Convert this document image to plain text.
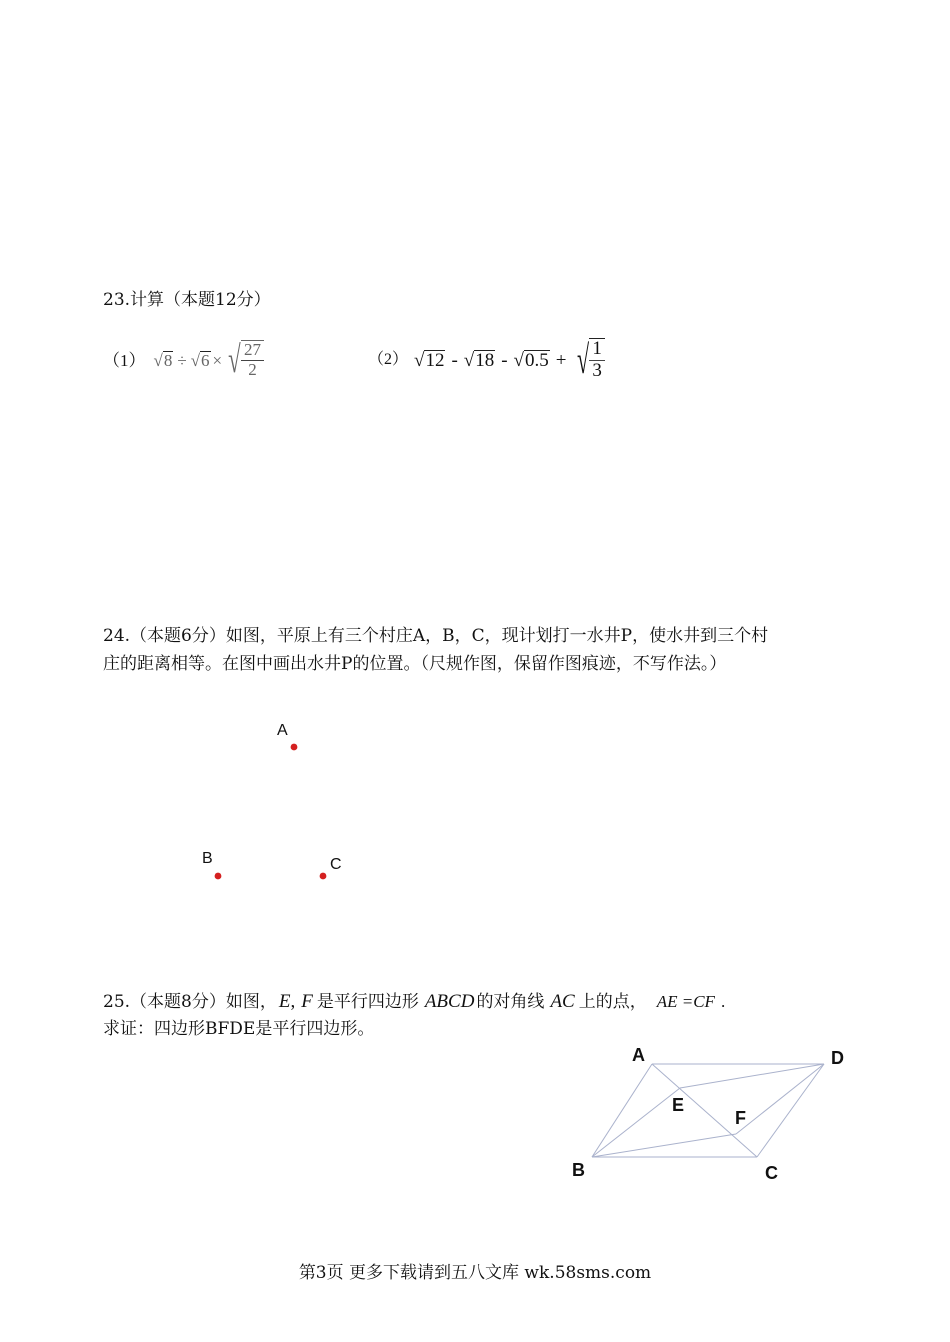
23.计算（本题12分）
（1） √ 8 ÷ √ 6 × √ $\frac{27}{2}$	（2） √ 12 - √ 18 - √ 0.5 + √ $\frac{1}{3}$
24.（本题6分）如图，平原上有三个村庄A，B，C，现计划打一水井P，使水井到三个村
庄的距离相等。在图中画出水井P的位置。（尺规作图，保留作图痕迹，不写作法。）
A
B	C
25.（本题8分）如图， E , F 是平行四边形 ABCD 的对角线 AC 上的点， AE =CF .
求证：四边形BFDE是平行四边形。
A	D
E
F
B	C
第3页 更多下载请到五八文库 wk.58sms.com
